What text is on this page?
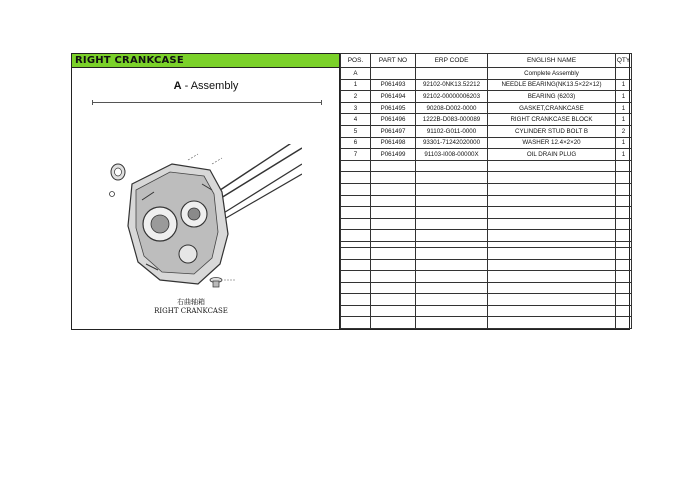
RIGHT CRANKCASE
A - Assembly
右曲轴箱
RIGHT CRANKCASE
POS.	PART NO	ERP CODE	ENGLISH NAME	QTY
A			Complete Assembly	
1	P061493	92102-0NK13.52212	NEEDLE BEARING(NK13.5×22×12)	1
2	P061494	92102-00000006203	BEARING (6203)	1
3	P061495	90208-D002-0000	GASKET,CRANKCASE	1
4	P061496	1222B-D083-000089	RIGHT CRANKCASE BLOCK	1
5	P061497	91102-G011-0000	CYLINDER STUD BOLT B	2
6	P061498	93301-71242020000	WASHER 12.4×2×20	1
7	P061499	91103-I008-00000X	OIL DRAIN PLUG	1
